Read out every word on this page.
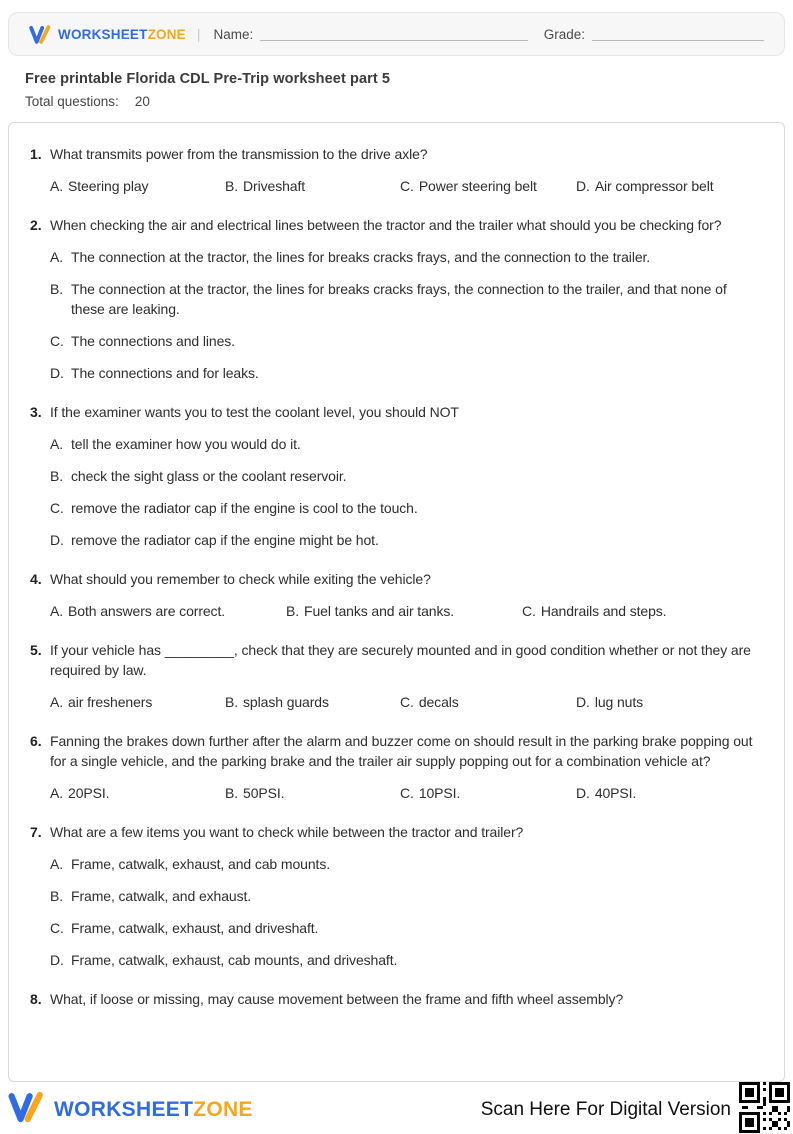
WORKSHEETZONE | Name:	Grade:
Free printable Florida CDL Pre-Trip worksheet part 5
Total questions: 20
1. What transmits power from the transmission to the drive axle?
A. Steering play	B. Driveshaft	C. Power steering belt	D. Air compressor belt
2. When checking the air and electrical lines between the tractor and the trailer what should you be checking for?
A. The connection at the tractor, the lines for breaks cracks frays, and the connection to the trailer.
B. The connection at the tractor, the lines for breaks cracks frays, the connection to the trailer, and that none of these are leaking.
C. The connections and lines.
D. The connections and for leaks.
3. If the examiner wants you to test the coolant level, you should NOT
A. tell the examiner how you would do it.
B. check the sight glass or the coolant reservoir.
C. remove the radiator cap if the engine is cool to the touch.
D. remove the radiator cap if the engine might be hot.
4. What should you remember to check while exiting the vehicle?
A. Both answers are correct.	B. Fuel tanks and air tanks.	C. Handrails and steps.
5. If your vehicle has _________, check that they are securely mounted and in good condition whether or not they are required by law.
A. air fresheners	B. splash guards	C. decals	D. lug nuts
6. Fanning the brakes down further after the alarm and buzzer come on should result in the parking brake popping out for a single vehicle, and the parking brake and the trailer air supply popping out for a combination vehicle at?
A. 20PSI.	B. 50PSI.	C. 10PSI.	D. 40PSI.
7. What are a few items you want to check while between the tractor and trailer?
A. Frame, catwalk, exhaust, and cab mounts.
B. Frame, catwalk, and exhaust.
C. Frame, catwalk, exhaust, and driveshaft.
D. Frame, catwalk, exhaust, cab mounts, and driveshaft.
8. What, if loose or missing, may cause movement between the frame and fifth wheel assembly?
WORKSHEETZONE	Scan Here For Digital Version
